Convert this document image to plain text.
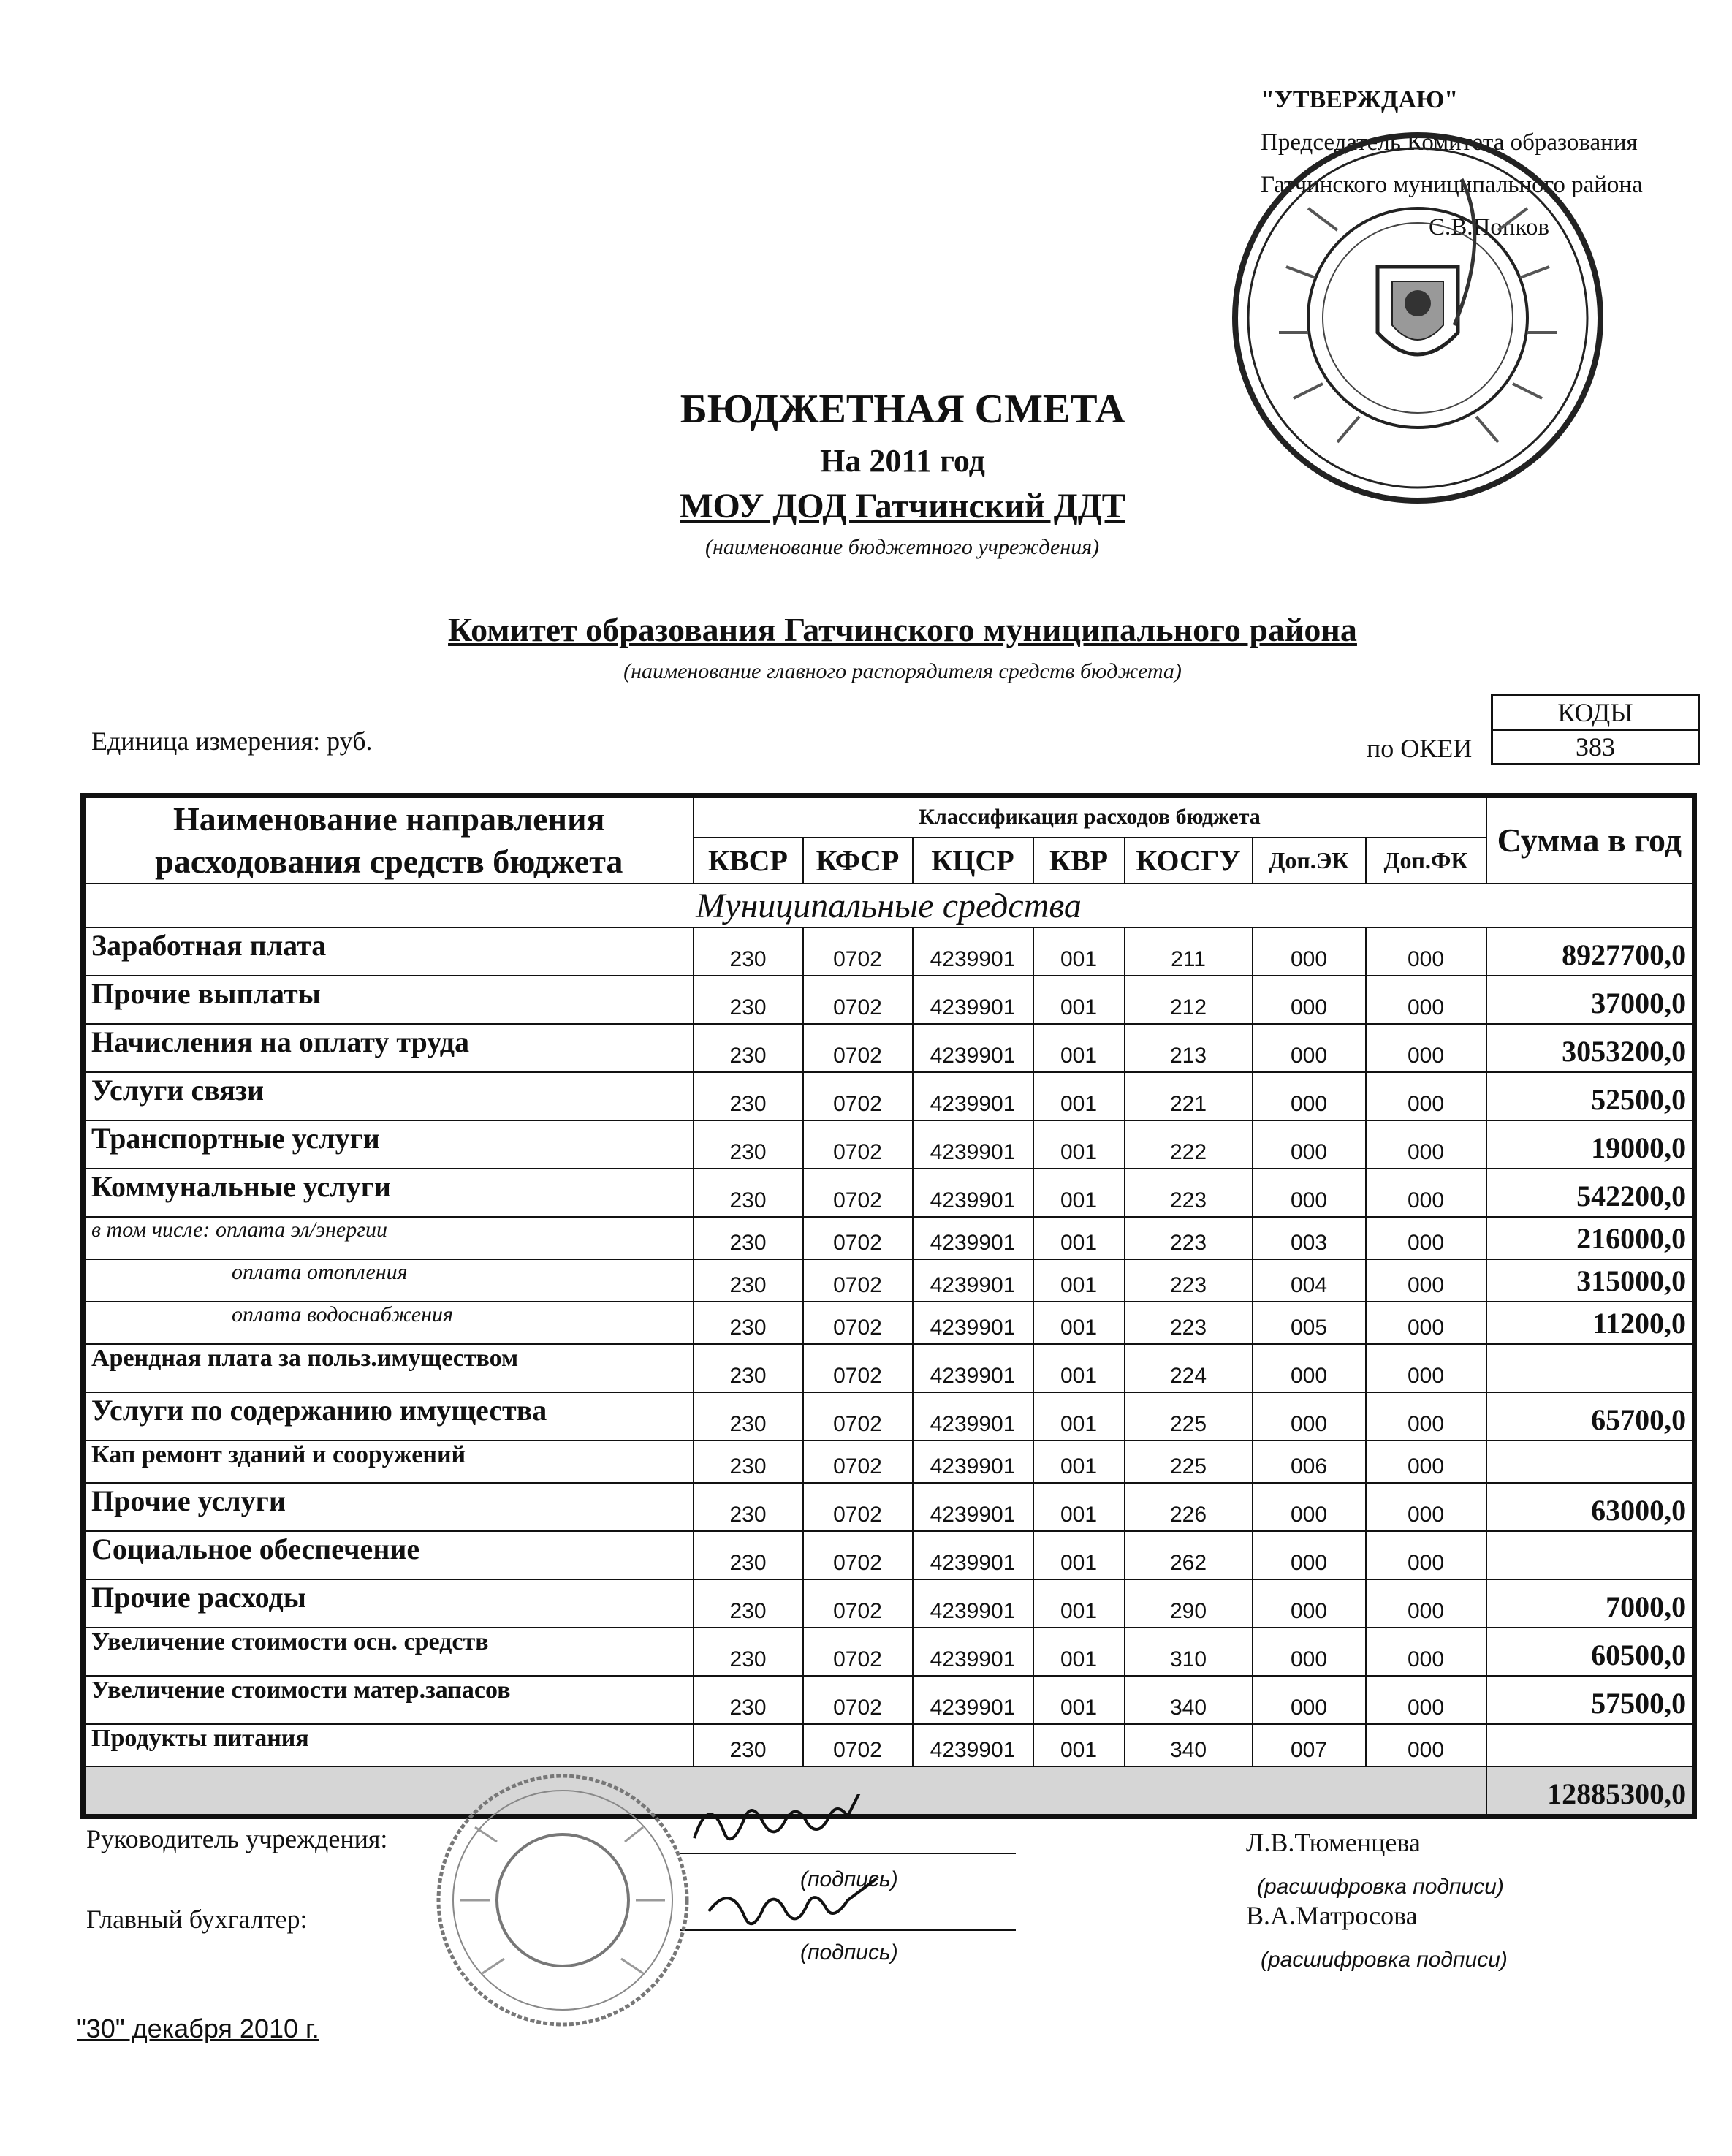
"УТВЕРЖДАЮ"
Председатель Комитета образования
Гатчинского муниципального района
С.В.Попков
БЮДЖЕТНАЯ СМЕТА
На 2011 год
МОУ ДОД Гатчинский ДДТ
(наименование бюджетного учреждения)
Комитет образования Гатчинского муниципального района
(наименование главного распорядителя средств бюджета)
Единица измерения: руб.	по ОКЕИ
КОДЫ
383
Наименование направления расходования средств бюджета	Классификация расходов бюджета							Сумма в год
	КВСР	КФСР	КЦСР	КВР	КОСГУ	Доп.ЭК	Доп.ФК	
Муниципальные средства								
Заработная плата	230	0702	4239901	001	211	000	000	8927700,0
Прочие выплаты	230	0702	4239901	001	212	000	000	37000,0
Начисления на оплату труда	230	0702	4239901	001	213	000	000	3053200,0
Услуги связи	230	0702	4239901	001	221	000	000	52500,0
Транспортные услуги	230	0702	4239901	001	222	000	000	19000,0
Коммунальные услуги	230	0702	4239901	001	223	000	000	542200,0
в том числе: оплата эл/энергии	230	0702	4239901	001	223	003	000	216000,0
оплата отопления	230	0702	4239901	001	223	004	000	315000,0
оплата водоснабжения	230	0702	4239901	001	223	005	000	11200,0
Арендная плата за польз.имуществом	230	0702	4239901	001	224	000	000	
Услуги по содержанию имущества	230	0702	4239901	001	225	000	000	65700,0
Кап ремонт зданий и сооружений	230	0702	4239901	001	225	006	000	
Прочие услуги	230	0702	4239901	001	226	000	000	63000,0
Социальное обеспечение	230	0702	4239901	001	262	000	000	
Прочие расходы	230	0702	4239901	001	290	000	000	7000,0
Увеличение стоимости осн. средств	230	0702	4239901	001	310	000	000	60500,0
Увеличение стоимости матер.запасов	230	0702	4239901	001	340	000	000	57500,0
Продукты питания	230	0702	4239901	001	340	007	000	
								12885300,0
Руководитель учреждения:
(подпись)
Л.В.Тюменцева
(расшифровка подписи)
Главный бухгалтер:
(подпись)
В.А.Матросова
(расшифровка подписи)
"30" декабря 2010 г.
